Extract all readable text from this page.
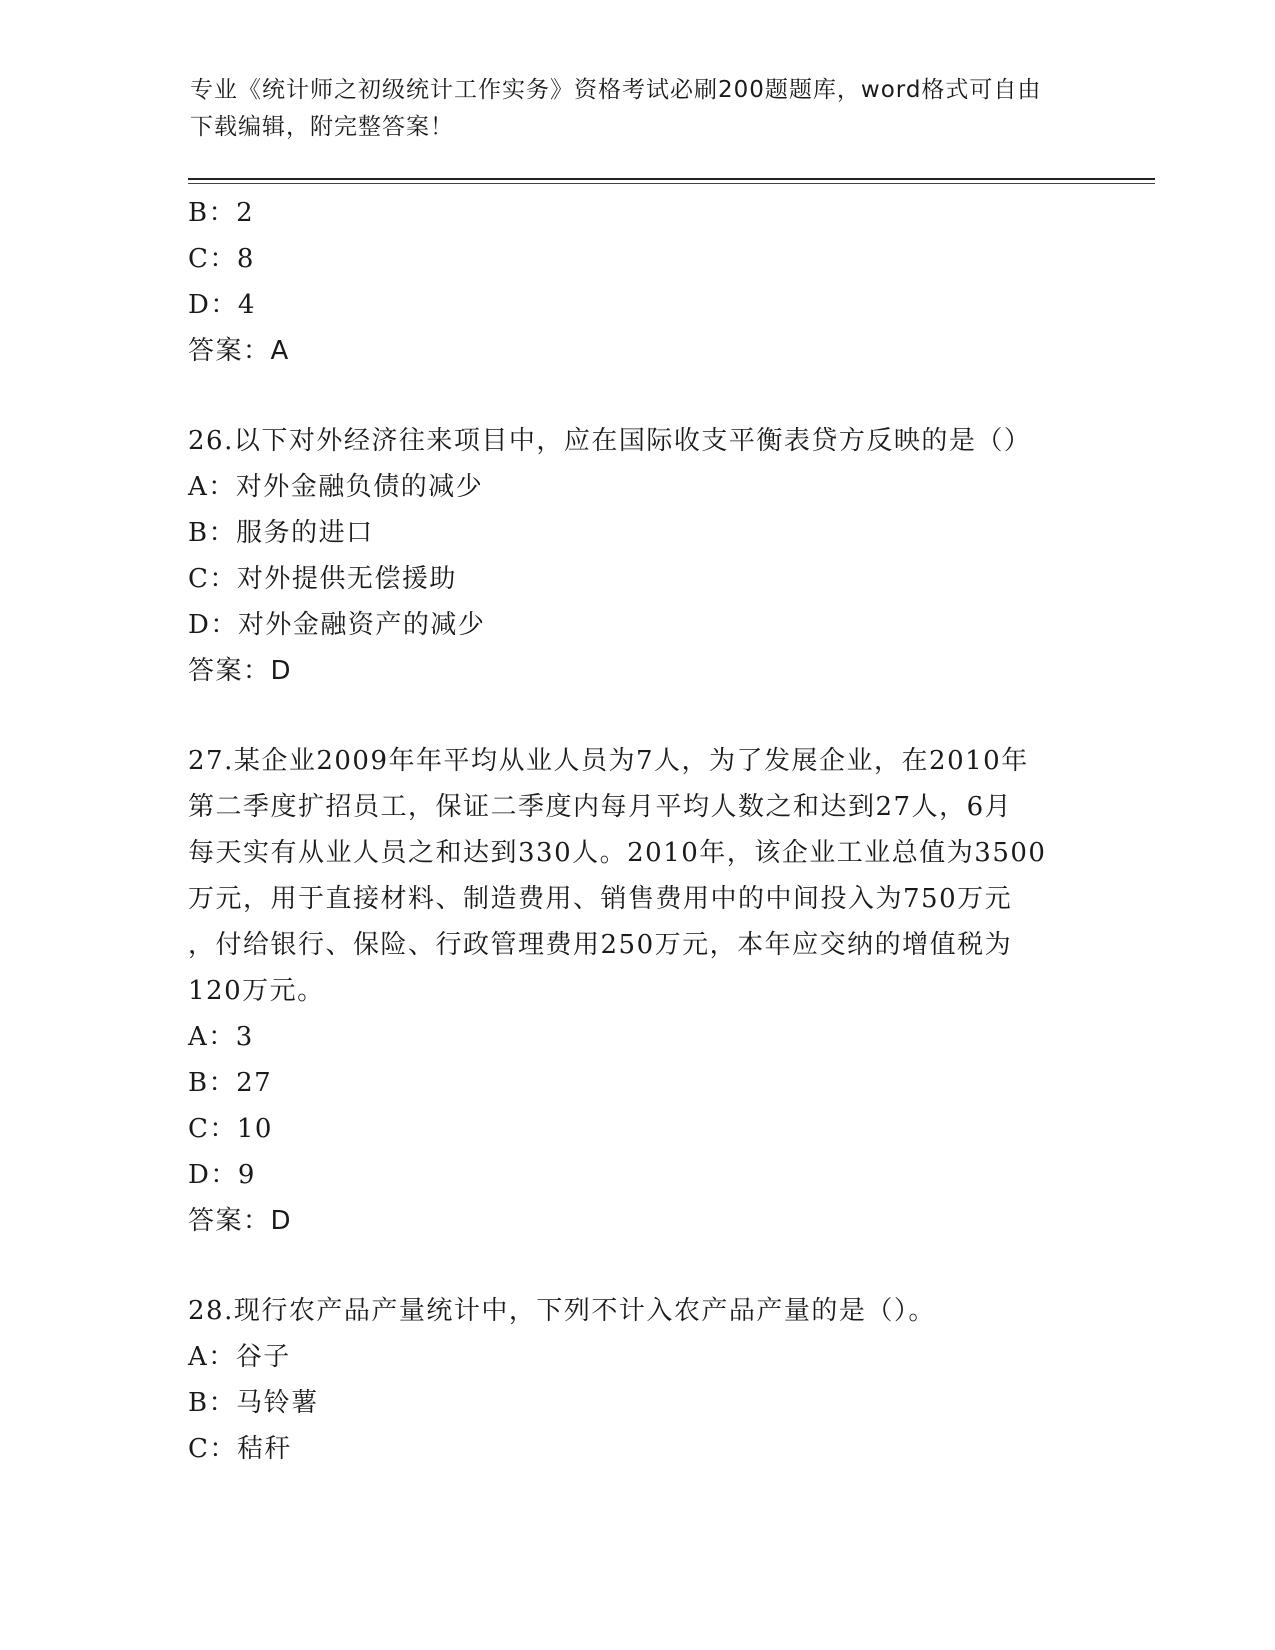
专业《统计师之初级统计工作实务》资格考试必刷200题题库，word格式可自由
下载编辑，附完整答案！
B：2
C：8
D：4
答案：A
26.以下对外经济往来项目中，应在国际收支平衡表贷方反映的是（）
A：对外金融负债的减少
B：服务的进口
C：对外提供无偿援助
D：对外金融资产的减少
答案：D
27.某企业2009年年平均从业人员为7人，为了发展企业，在2010年
第二季度扩招员工，保证二季度内每月平均人数之和达到27人，6月
每天实有从业人员之和达到330人。2010年，该企业工业总值为3500
万元，用于直接材料、制造费用、销售费用中的中间投入为750万元
，付给银行、保险、行政管理费用250万元，本年应交纳的增值税为
120万元。
A：3
B：27
C：10
D：9
答案：D
28.现行农产品产量统计中，下列不计入农产品产量的是（）。
A：谷子
B：马铃薯
C：秸秆
